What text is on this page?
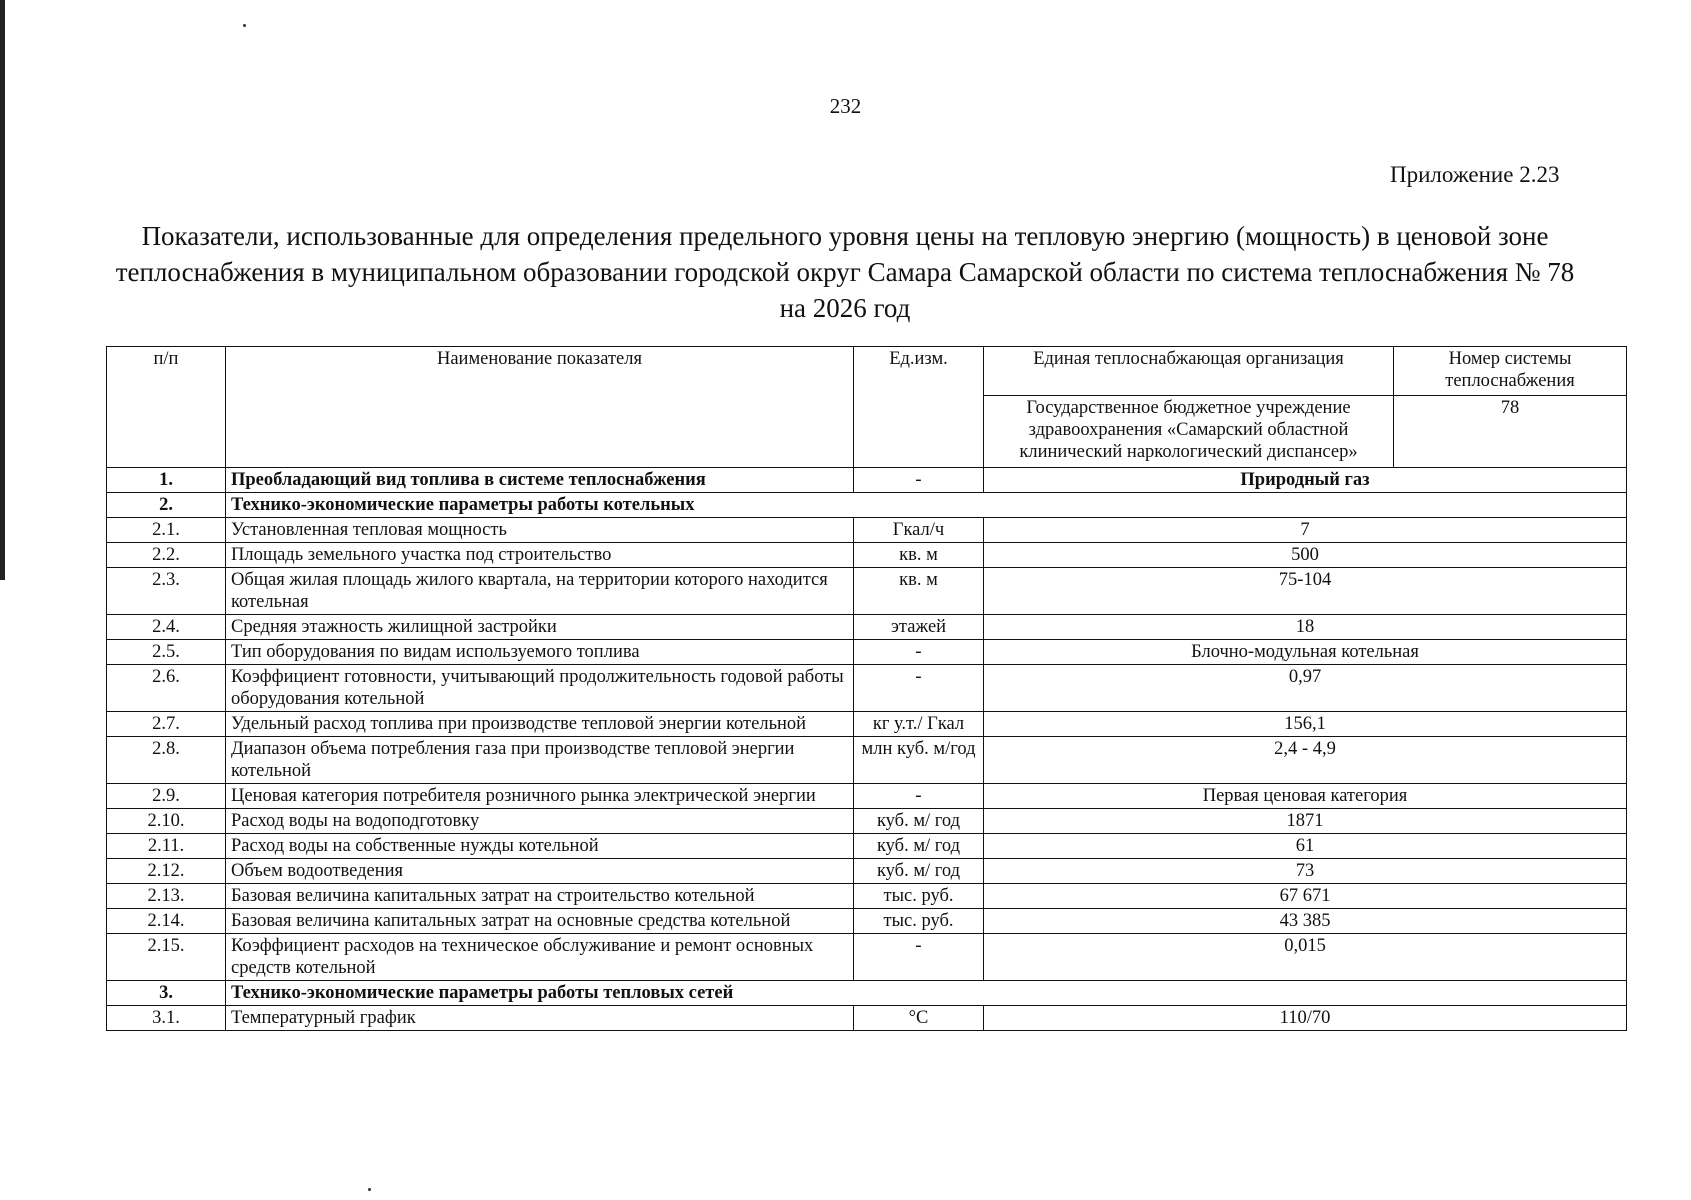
232
Приложение 2.23
Показатели, использованные для определения предельного уровня цены на тепловую энергию (мощность) в ценовой зоне теплоснабжения в муниципальном образовании городской округ Самара Самарской области по система теплоснабжения № 78 на 2026 год
п/п	Наименование показателя	Ед.изм.	Единая теплоснабжающая организация	Номер системы теплоснабжения
			Государственное бюджетное учреждение здравоохранения «Самарский областной клинический наркологический диспансер»	78
1.	Преобладающий вид топлива в системе теплоснабжения	-	Природный газ	
2.	Технико-экономические параметры работы котельных			
2.1.	Установленная тепловая мощность	Гкал/ч	7	
2.2.	Площадь земельного участка под строительство	кв. м	500	
2.3.	Общая жилая площадь жилого квартала, на территории которого находится котельная	кв. м	75-104	
2.4.	Средняя этажность жилищной застройки	этажей	18	
2.5.	Тип оборудования по видам используемого топлива	-	Блочно-модульная котельная	
2.6.	Коэффициент готовности, учитывающий продолжительность годовой работы оборудования котельной	-	0,97	
2.7.	Удельный расход топлива при производстве тепловой энергии котельной	кг у.т./ Гкал	156,1	
2.8.	Диапазон объема потребления газа при производстве тепловой энергии котельной	млн куб. м/год	2,4 - 4,9	
2.9.	Ценовая категория потребителя розничного рынка электрической энергии	-	Первая ценовая категория	
2.10.	Расход воды на водоподготовку	куб. м/ год	1871	
2.11.	Расход воды на собственные нужды котельной	куб. м/ год	61	
2.12.	Объем водоотведения	куб. м/ год	73	
2.13.	Базовая величина капитальных затрат на строительство котельной	тыс. руб.	67 671	
2.14.	Базовая величина капитальных затрат на основные средства котельной	тыс. руб.	43 385	
2.15.	Коэффициент расходов на техническое обслуживание и ремонт основных средств котельной	-	0,015	
3.	Технико-экономические параметры работы тепловых сетей			
3.1.	Температурный график	°С	110/70	
